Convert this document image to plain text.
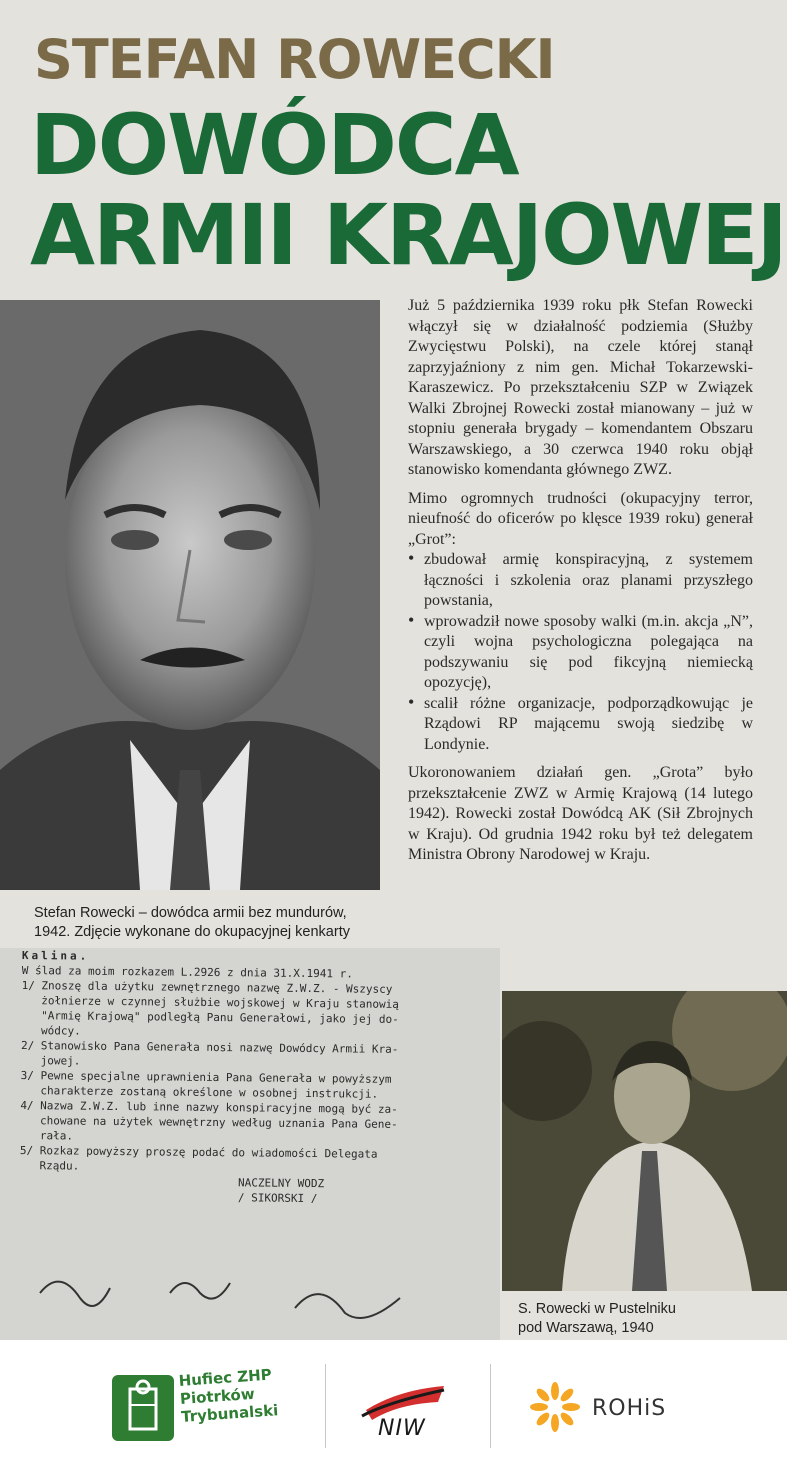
STEFAN ROWECKI
DOWÓDCA
ARMII KRAJOWEJ
Stefan Rowecki – dowódca armii bez mundurów,
1942. Zdjęcie wykonane do okupacyjnej kenkarty

Już 5 października 1939 roku płk Stefan Rowecki włączył się w działalność podziemia (Służby Zwycięstwu Polski), na czele której stanął zaprzyjaźniony z nim gen. Michał Tokarzewski-Karaszewicz. Po przekształceniu SZP w Związek Walki Zbrojnej Rowecki został mianowany – już w stopniu generała brygady – komendantem Obszaru Warszawskiego, a 30 czerwca 1940 roku objął stanowisko komendanta głównego ZWZ.

Mimo ogromnych trudności (okupacyjny terror, nieufność do oficerów po klęsce 1939 roku) generał „Grot”:

• zbudował armię konspiracyjną, z systemem łączności i szkolenia oraz planami przyszłego powstania,
• wprowadził nowe sposoby walki (m.in. akcja „N”, czyli wojna psychologiczna polegająca na podszywaniu się pod fikcyjną niemiecką opozycję),
• scalił różne organizacje, podporządkowując je Rządowi RP mającemu swoją siedzibę w Londynie.

Ukoronowaniem działań gen. „Grota” było przekształcenie ZWZ w Armię Krajową (14 lutego 1942). Rowecki został Dowódcą AK (Sił Zbrojnych w Kraju). Od grudnia 1942 roku był też delegatem Ministra Obrony Narodowej w Kraju.

Kalina.
W ślad za moim rozkazem L.2926 z dnia 31.X.1941 r.
1/ Znoszę dla użytku zewnętrznego nazwę Z.W.Z. - Wszyscy
żołnierze w czynnej służbie wojskowej w Kraju stanowią
"Armię Krajową" podległą Panu Generałowi, jako jej do-
wódcy.
2/ Stanowisko Pana Generała nosi nazwę Dowódcy Armii Kra-
jowej.
3/ Pewne specjalne uprawnienia Pana Generała w powyższym
charakterze zostaną określone w osobnej instrukcji.
4/ Nazwa Z.W.Z. lub inne nazwy konspiracyjne mogą być za-
chowane na użytek wewnętrzny według uznania Pana Gene-
rała.
5/ Rozkaz powyższy proszę podać do wiadomości Delegata
Rządu.
NACZELNY WODZ
/ SIKORSKI /
S. Rowecki w Pustelniku
pod Warszawą, 1940
Hufiec ZHP
Piotrków
Trybunalski
NIW
ROHiS
